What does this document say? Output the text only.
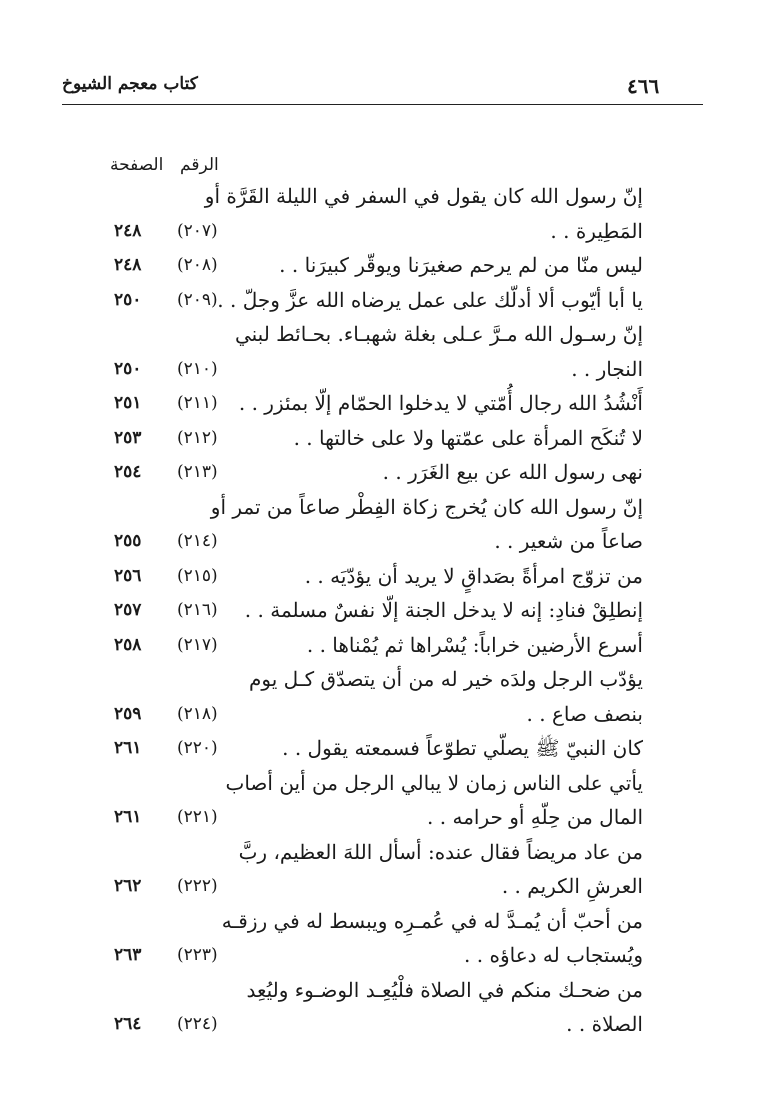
٤٦٦
كتاب معجم الشيوخ
الرقم
الصفحة
إنّ رسول الله كان يقول في السفر في الليلة القَرَّة أو
المَطِيرة . .
(٢٠٧)
٢٤٨
ليس منّا من لم يرحم صغيرَنا ويوقّر كبيرَنا . .
(٢٠٨)
٢٤٨
يا أبا أيّوب ألا أدلّك على عمل يرضاه الله عزَّ وجلّ . .
(٢٠٩)
٢٥٠
إنّ رسـول الله مـرَّ عـلى بغلة شهبـاء. بحـائط لبني
النجار . .
(٢١٠)
٢٥٠
أَنْشُدُ الله رجال أُمّتي لا يدخلوا الحمّام إلّا بمئزر . .
(٢١١)
٢٥١
لا تُنكَح المرأة على عمّتها ولا على خالتها . .
(٢١٢)
٢٥٣
نهى رسول الله عن بيع الغَرَر . .
(٢١٣)
٢٥٤
إنّ رسول الله كان يُخرج زكاة الفِطْر صاعاً من تمر أو
صاعاً من شعير . .
(٢١٤)
٢٥٥
من تزوّج امرأةً بصَداقٍ لا يريد أن يؤدّيَه . .
(٢١٥)
٢٥٦
إنطلِقْ فنادِ: إنه لا يدخل الجنة إلّا نفسٌ مسلمة . .
(٢١٦)
٢٥٧
أسرع الأرضين خراباً: يُسْراها ثم يُمْناها . .
(٢١٧)
٢٥٨
يؤدّب الرجل ولدَه خير له من أن يتصدّق كـل يوم
بنصف صاع . .
(٢١٨)
٢٥٩
كان النبيّ ﷺ يصلّي تطوّعاً فسمعته يقول . .
(٢٢٠)
٢٦١
يأتي على الناس زمان لا يبالي الرجل من أين أصاب
المال من حِلّهِ أو حرامه . .
(٢٢١)
٢٦١
من عاد مريضاً فقال عنده: أسأل اللهَ العظيم، ربَّ
العرشِ الكريم . .
(٢٢٢)
٢٦٢
من أحبّ أن يُمـدَّ له في عُمـرِه ويبسط له في رزقـه
ويُستجاب له دعاؤه . .
(٢٢٣)
٢٦٣
من ضحـك منكم في الصلاة فلْيُعِـد الوضـوء وليُعِد
الصلاة . .
(٢٢٤)
٢٦٤
